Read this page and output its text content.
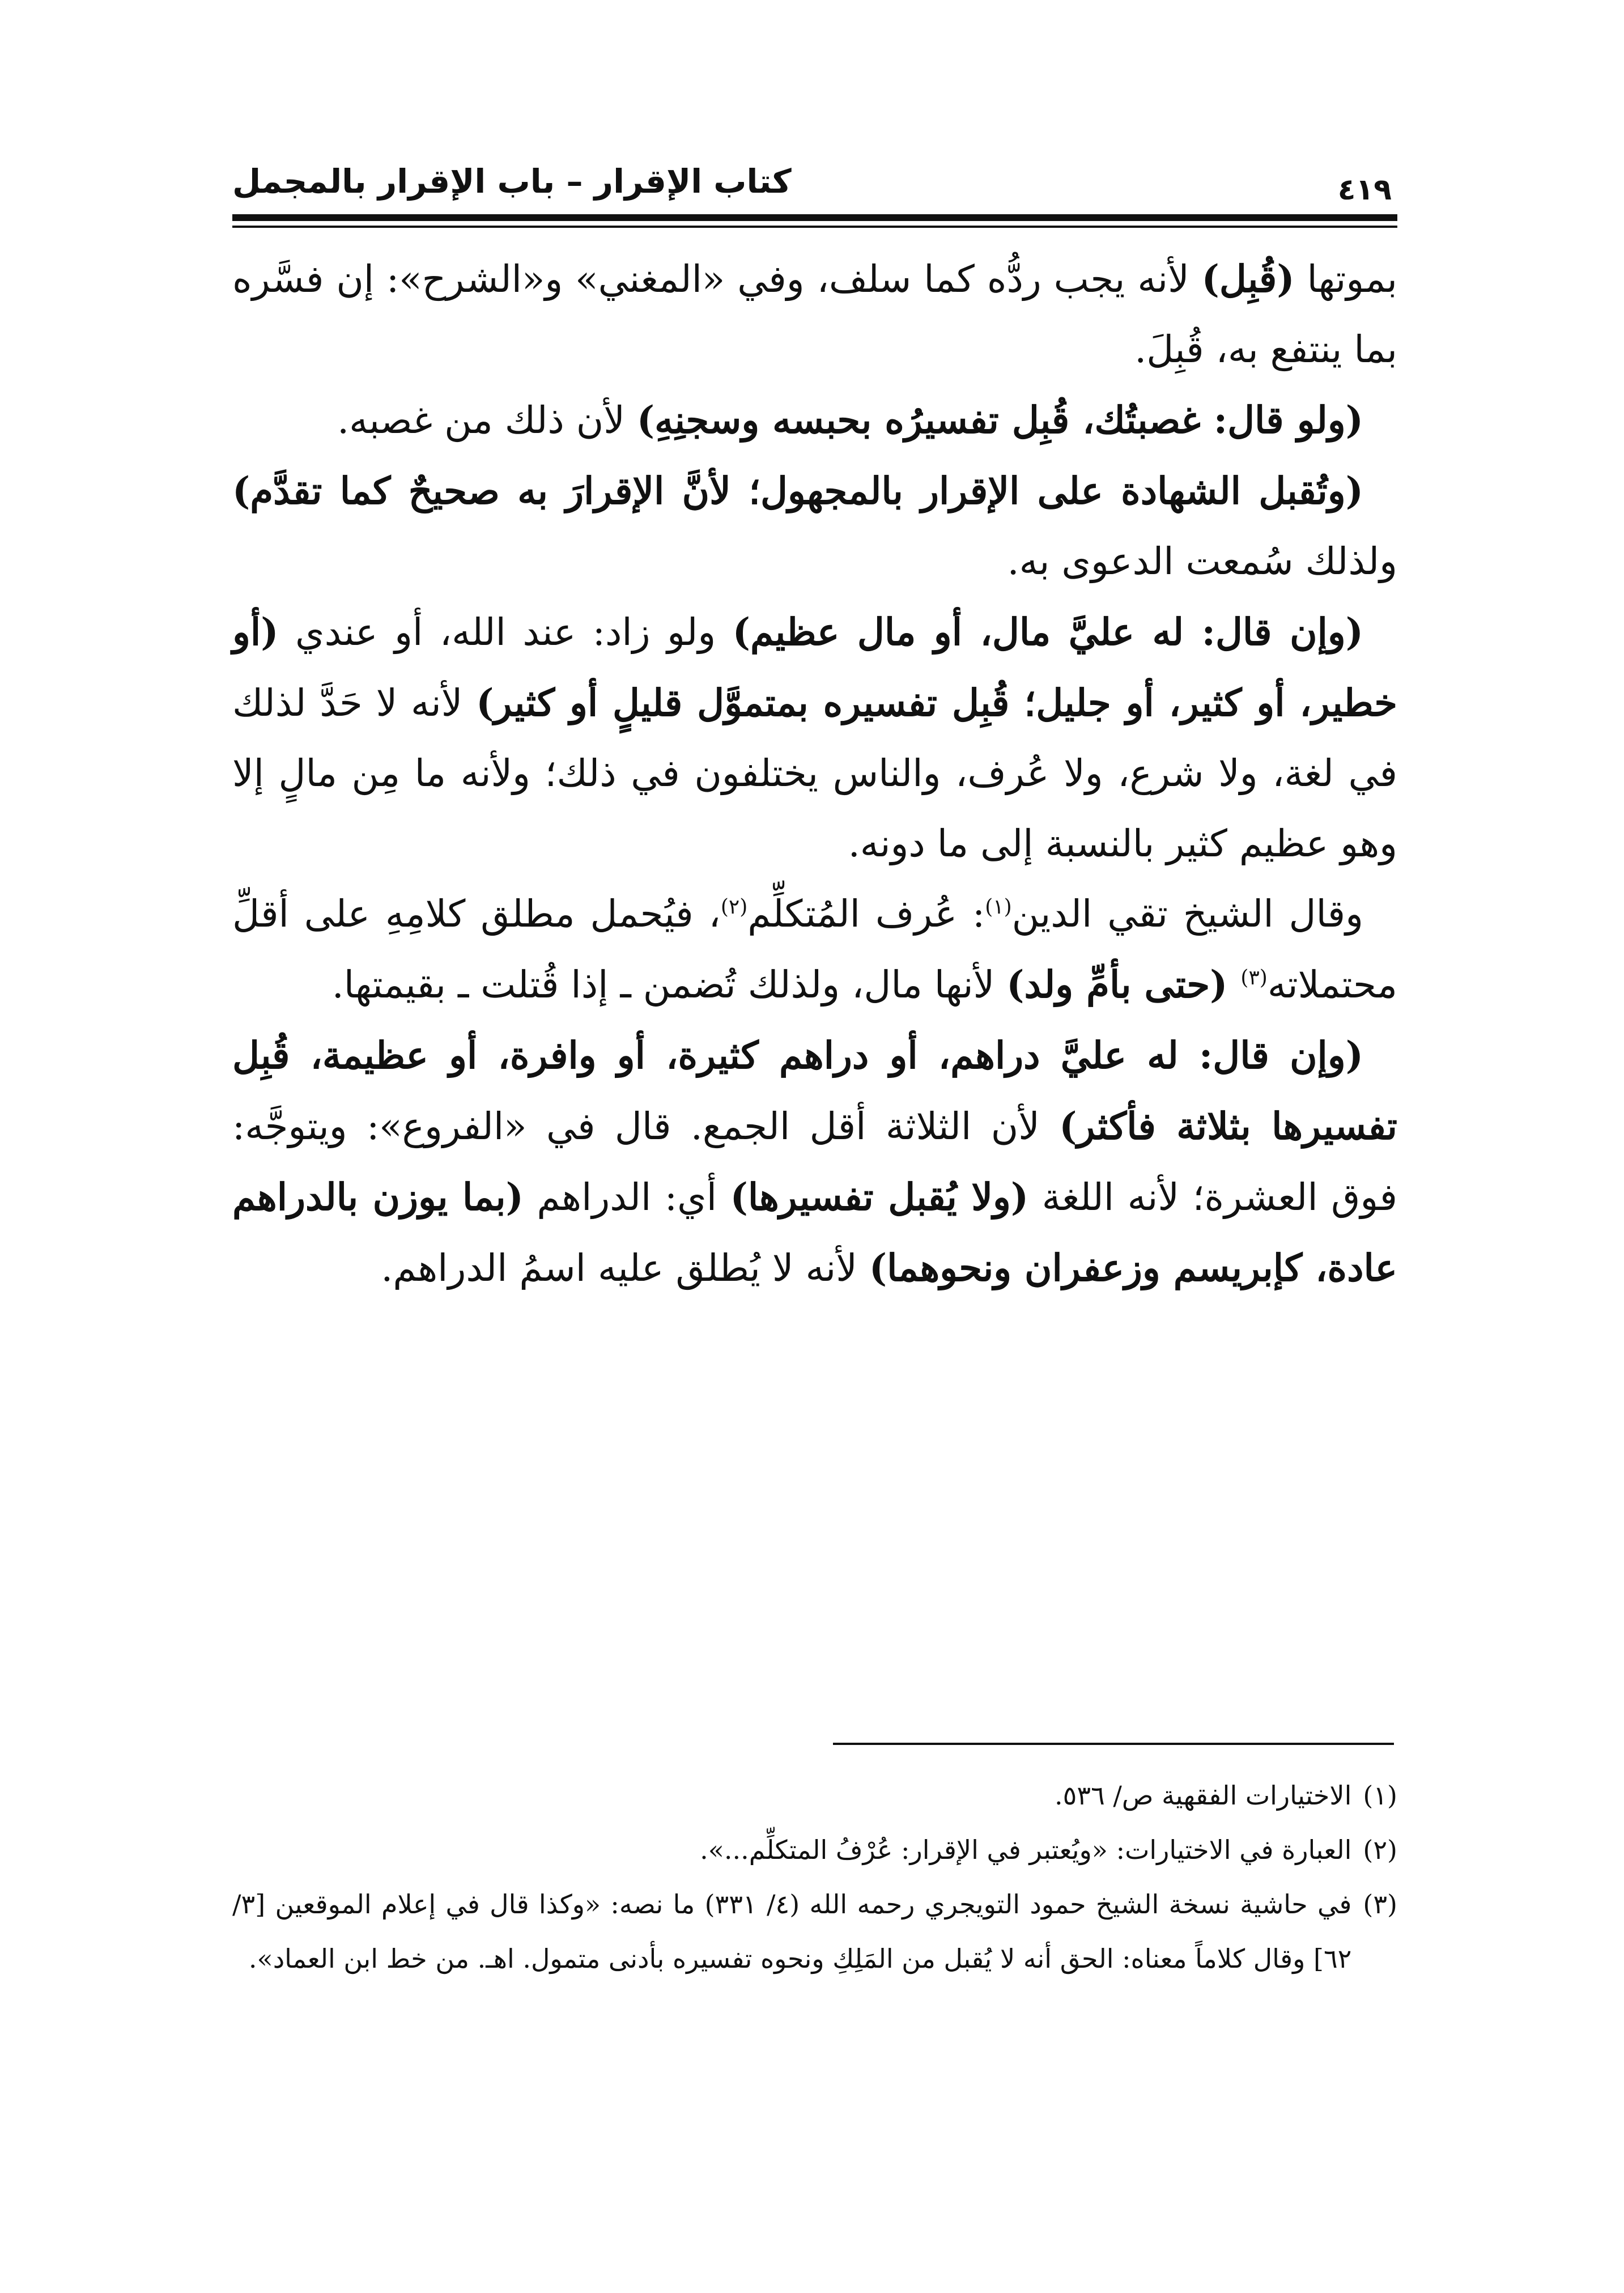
٤١٩
كتاب الإقرار – باب الإقرار بالمجمل

بموتها (قُبِل) لأنه يجب ردُّه كما سلف، وفي «المغني» و«الشرح»: إن فسَّره بما ينتفع به، قُبِلَ.

(ولو قال: غصبتُك، قُبِل تفسيرُه بحبسه وسجنِهِ) لأن ذلك من غصبه.

(وتُقبل الشهادة على الإقرار بالمجهول؛ لأنَّ الإقرارَ به صحيحٌ كما تقدَّم) ولذلك سُمعت الدعوى به.

(وإن قال: له عليَّ مال، أو مال عظيم) ولو زاد: عند الله، أو عندي (أو خطير، أو كثير، أو جليل؛ قُبِل تفسيره بمتموَّل قليلٍ أو كثير) لأنه لا حَدَّ لذلك في لغة، ولا شرع، ولا عُرف، والناس يختلفون في ذلك؛ ولأنه ما مِن مالٍ إلا وهو عظيم كثير بالنسبة إلى ما دونه.

وقال الشيخ تقي الدين$^{(١)}$: عُرف المُتكلِّم$^{(٢)}$، فيُحمل مطلق كلامِهِ على أقلِّ محتملاته$^{(٣)}$ (حتى بأمِّ ولد) لأنها مال، ولذلك تُضمن ـ إذا قُتلت ـ بقيمتها.

(وإن قال: له عليَّ دراهم، أو دراهم كثيرة، أو وافرة، أو عظيمة، قُبِل تفسيرها بثلاثة فأكثر) لأن الثلاثة أقل الجمع. قال في «الفروع»: ويتوجَّه: فوق العشرة؛ لأنه اللغة (ولا يُقبل تفسيرها) أي: الدراهم (بما يوزن بالدراهم عادة، كإبريسم وزعفران ونحوهما) لأنه لا يُطلق عليه اسمُ الدراهم.

(١)
الاختيارات الفقهية ص/ ٥٣٦.
(٢)
العبارة في الاختيارات: «ويُعتبر في الإقرار: عُرْفُ المتكلِّم...».
(٣)
في حاشية نسخة الشيخ حمود التويجري رحمه الله (٤/ ٣٣١) ما نصه: «وكذا قال في إعلام الموقعين [٣/ ٦٢] وقال كلاماً معناه: الحق أنه لا يُقبل من المَلِكِ ونحوه تفسيره بأدنى متمول. اهـ. من خط ابن العماد».
